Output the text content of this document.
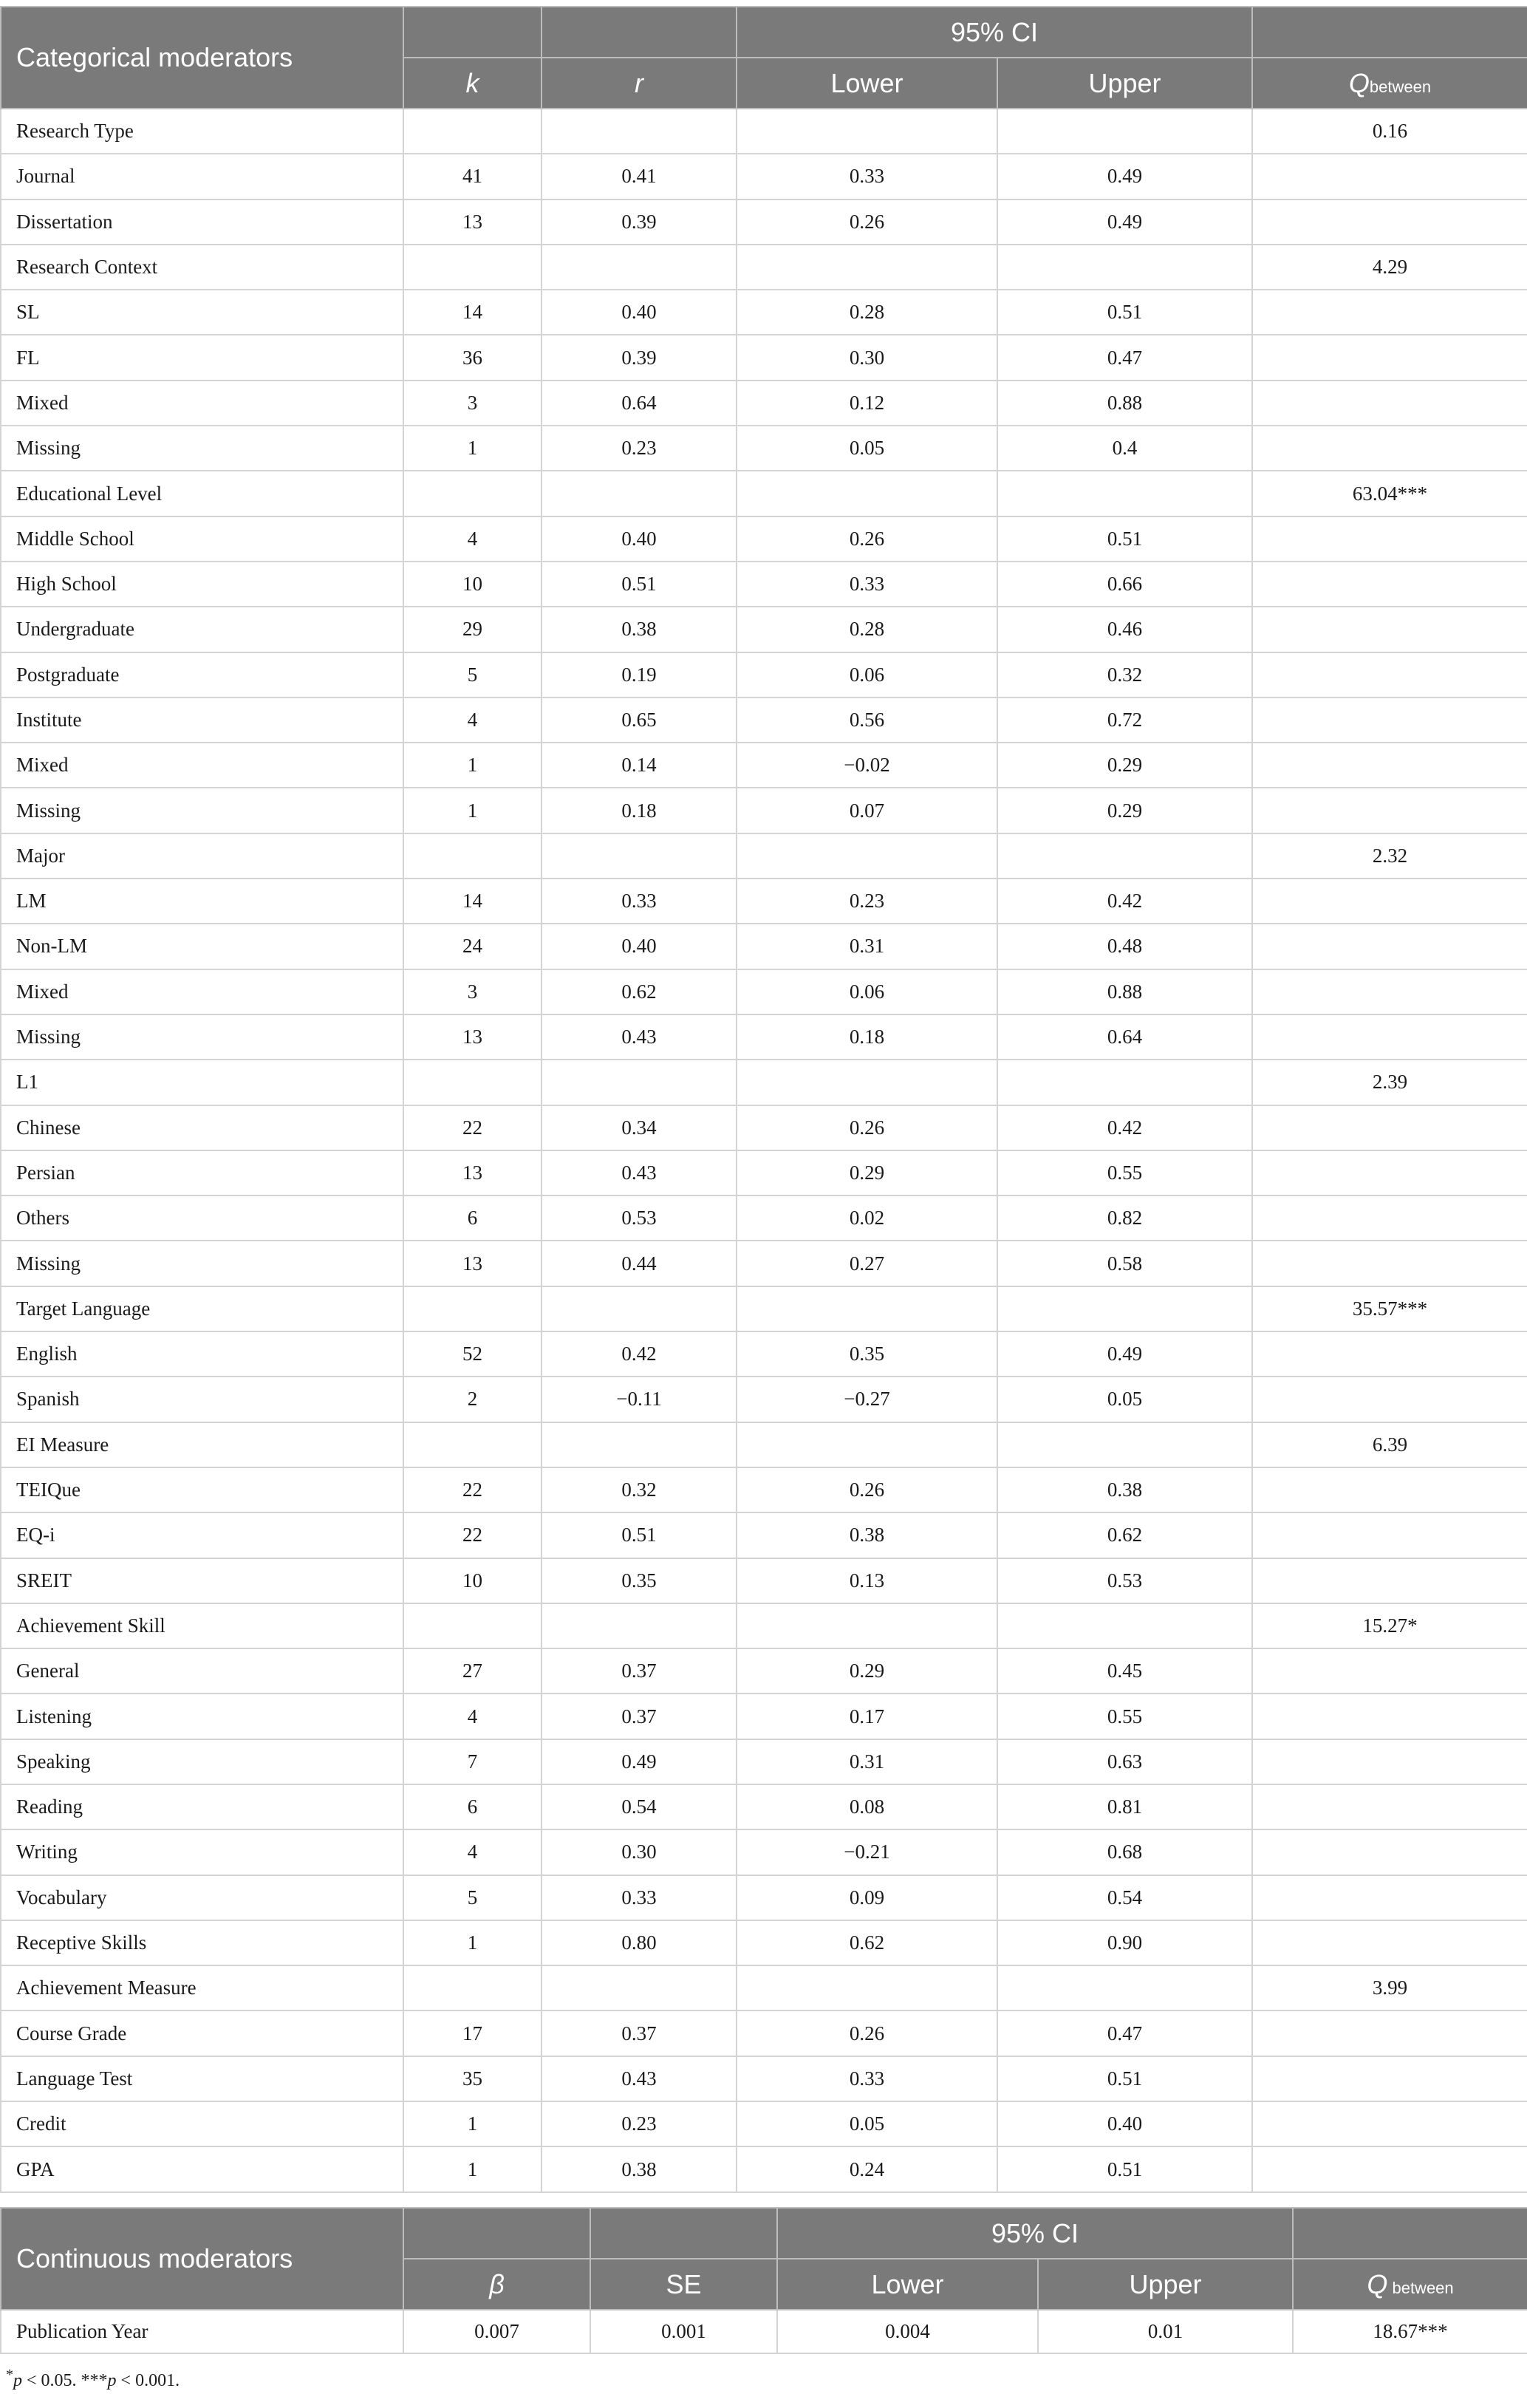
Categorical moderators			95% CI		
	k	r	Lower	Upper	Qbetween
Research Type					0.16
Journal	41	0.41	0.33	0.49	
Dissertation	13	0.39	0.26	0.49	
Research Context					4.29
SL	14	0.40	0.28	0.51	
FL	36	0.39	0.30	0.47	
Mixed	3	0.64	0.12	0.88	
Missing	1	0.23	0.05	0.4	
Educational Level					63.04***
Middle School	4	0.40	0.26	0.51	
High School	10	0.51	0.33	0.66	
Undergraduate	29	0.38	0.28	0.46	
Postgraduate	5	0.19	0.06	0.32	
Institute	4	0.65	0.56	0.72	
Mixed	1	0.14	−0.02	0.29	
Missing	1	0.18	0.07	0.29	
Major					2.32
LM	14	0.33	0.23	0.42	
Non-LM	24	0.40	0.31	0.48	
Mixed	3	0.62	0.06	0.88	
Missing	13	0.43	0.18	0.64	
L1					2.39
Chinese	22	0.34	0.26	0.42	
Persian	13	0.43	0.29	0.55	
Others	6	0.53	0.02	0.82	
Missing	13	0.44	0.27	0.58	
Target Language					35.57***
English	52	0.42	0.35	0.49	
Spanish	2	−0.11	−0.27	0.05	
EI Measure					6.39
TEIQue	22	0.32	0.26	0.38	
EQ-i	22	0.51	0.38	0.62	
SREIT	10	0.35	0.13	0.53	
Achievement Skill					15.27*
General	27	0.37	0.29	0.45	
Listening	4	0.37	0.17	0.55	
Speaking	7	0.49	0.31	0.63	
Reading	6	0.54	0.08	0.81	
Writing	4	0.30	−0.21	0.68	
Vocabulary	5	0.33	0.09	0.54	
Receptive Skills	1	0.80	0.62	0.90	
Achievement Measure					3.99
Course Grade	17	0.37	0.26	0.47	
Language Test	35	0.43	0.33	0.51	
Credit	1	0.23	0.05	0.40	
GPA	1	0.38	0.24	0.51	
Continuous moderators			95% CI		
	β	SE	Lower	Upper	Q between
Publication Year	0.007	0.001	0.004	0.01	18.67***
*p < 0.05. ***p < 0.001.
